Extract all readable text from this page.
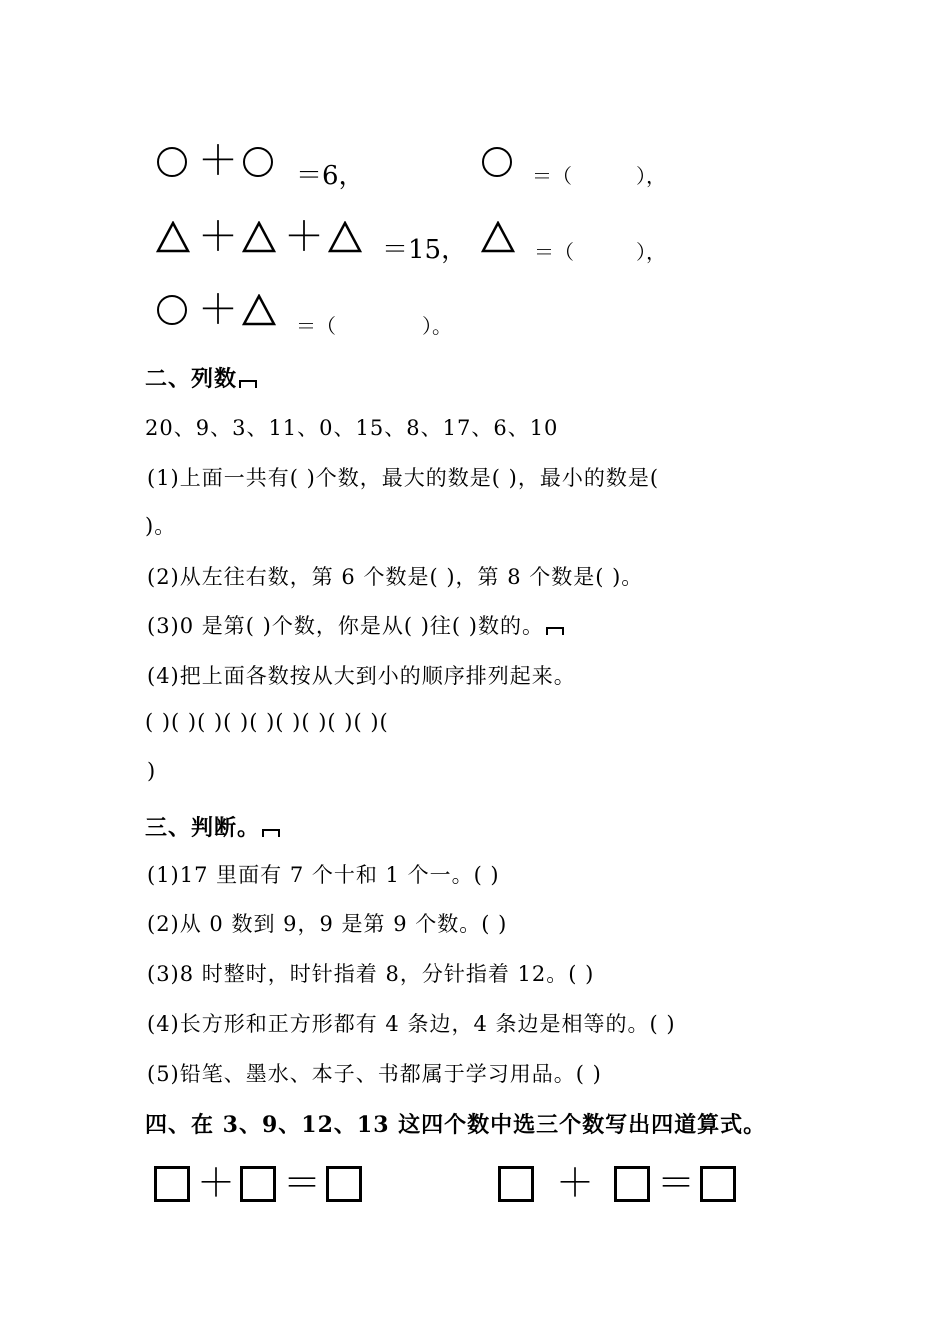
＋ ＝6，	＝（	），
＋ ＋ ＝15，	＝（	），
＋	＝（	）。
二、列数
20、9、3、11、0、15、8、17、6、10
(1)上面一共有( )个数，最大的数是( )，最小的数是(
)。
(2)从左往右数，第 6 个数是( )，第 8 个数是( )。
(3)0 是第( )个数，你是从( )往( )数的。
(4)把上面各数按从大到小的顺序排列起来。
( )( )( )( )( )( )( )( )( )(
)
三、判断。
(1)17 里面有 7 个十和 1 个一。( )
(2)从 0 数到 9，9 是第 9 个数。( )
(3)8 时整时，时针指着 8，分针指着 12。( )
(4)长方形和正方形都有 4 条边，4 条边是相等的。( )
(5)铅笔、墨水、本子、书都属于学习用品。( )
四、在 3、9、12、13 这四个数中选三个数写出四道算式。
＋ ＝	＋ ＝
